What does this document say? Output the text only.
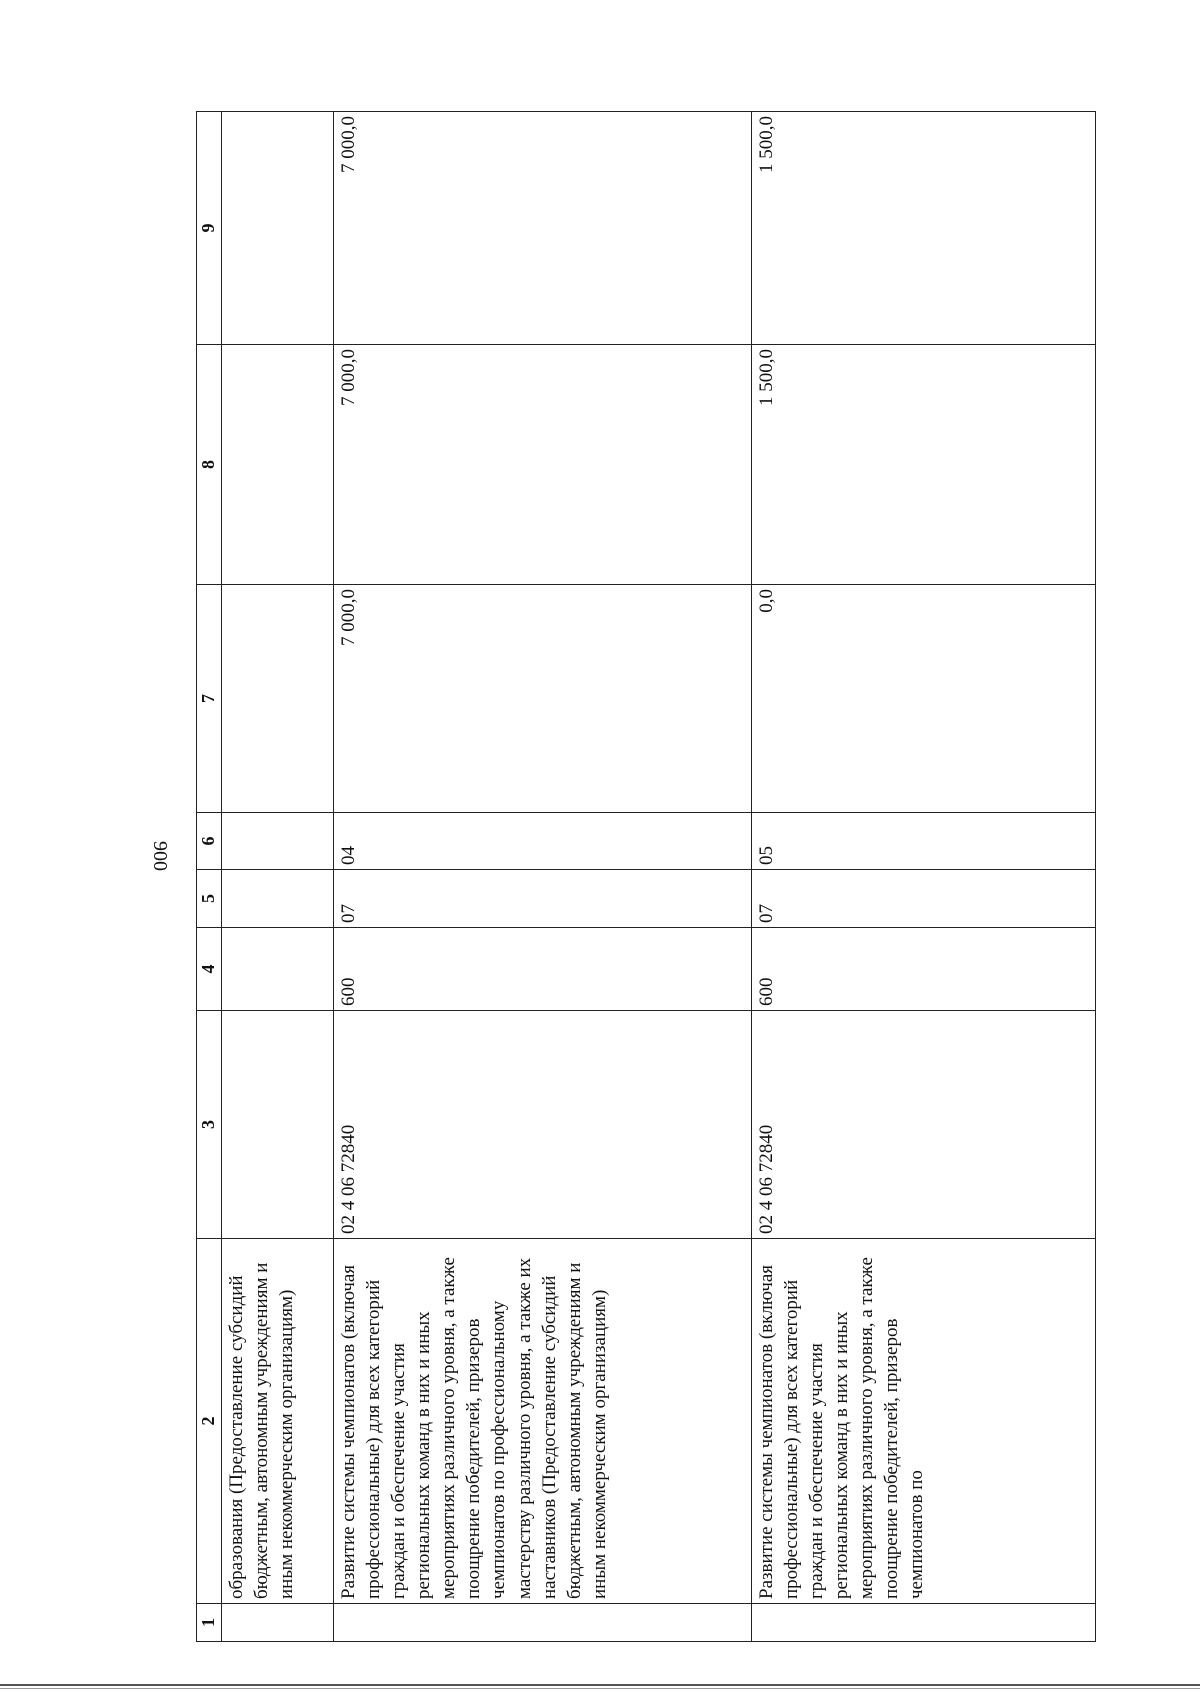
900
1	2	3	4	5	6	7	8	9
	образования (Предоставление субсидий бюджетным, автономным учреждениям и иным некоммерческим организациям)							
	Развитие системы чемпионатов (включая профессиональные) для всех категорий граждан и обеспечение участия региональных команд в них и иных мероприятиях различного уровня, а также поощрение победителей, призеров чемпионатов по профессиональному мастерству различного уровня, а также их наставников (Предоставление субсидий бюджетным, автономным учреждениям и иным некоммерческим организациям)	02 4 06 72840	600	07	04	7 000,0	7 000,0	7 000,0
	Развитие системы чемпионатов (включая профессиональные) для всех категорий граждан и обеспечение участия региональных команд в них и иных мероприятиях различного уровня, а также поощрение победителей, призеров чемпионатов по	02 4 06 72840	600	07	05	0,0	1 500,0	1 500,0
